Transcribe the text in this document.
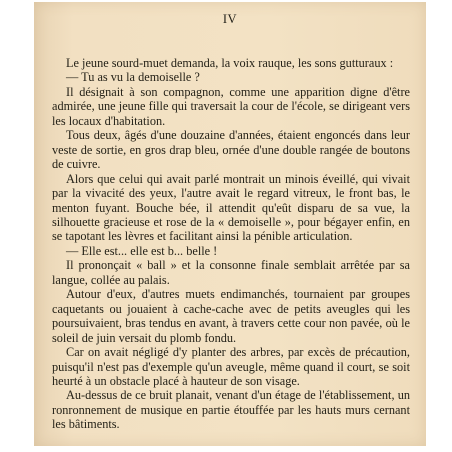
IV

Le jeune sourd-muet demanda, la voix rauque, les sons gutturaux :

— Tu as vu la demoiselle ?

Il désignait à son compagnon, comme une apparition digne d'être admirée, une jeune fille qui traversait la cour de l'école, se dirigeant vers les locaux d'habitation.

Tous deux, âgés d'une douzaine d'années, étaient engoncés dans leur veste de sortie, en gros drap bleu, ornée d'une double rangée de boutons de cuivre.

Alors que celui qui avait parlé montrait un minois éveillé, qui vivait par la vivacité des yeux, l'autre avait le regard vitreux, le front bas, le menton fuyant. Bouche bée, il attendit qu'eût disparu de sa vue, la silhouette gracieuse et rose de la « demoiselle », pour bégayer enfin, en se tapotant les lèvres et facilitant ainsi la pénible articulation.

— Elle est... elle est b... belle !

Il prononçait « ball » et la consonne finale semblait arrêtée par sa langue, collée au palais.

Autour d'eux, d'autres muets endimanchés, tournaient par groupes caquetants ou jouaient à cache-cache avec de petits aveugles qui les poursuivaient, bras tendus en avant, à travers cette cour non pavée, où le soleil de juin versait du plomb fondu.

Car on avait négligé d'y planter des arbres, par excès de précaution, puisqu'il n'est pas d'exemple qu'un aveugle, même quand il court, se soit heurté à un obstacle placé à hauteur de son visage.

Au-dessus de ce bruit planait, venant d'un étage de l'établissement, un ronronnement de musique en partie étouffée par les hauts murs cernant les bâtiments.
